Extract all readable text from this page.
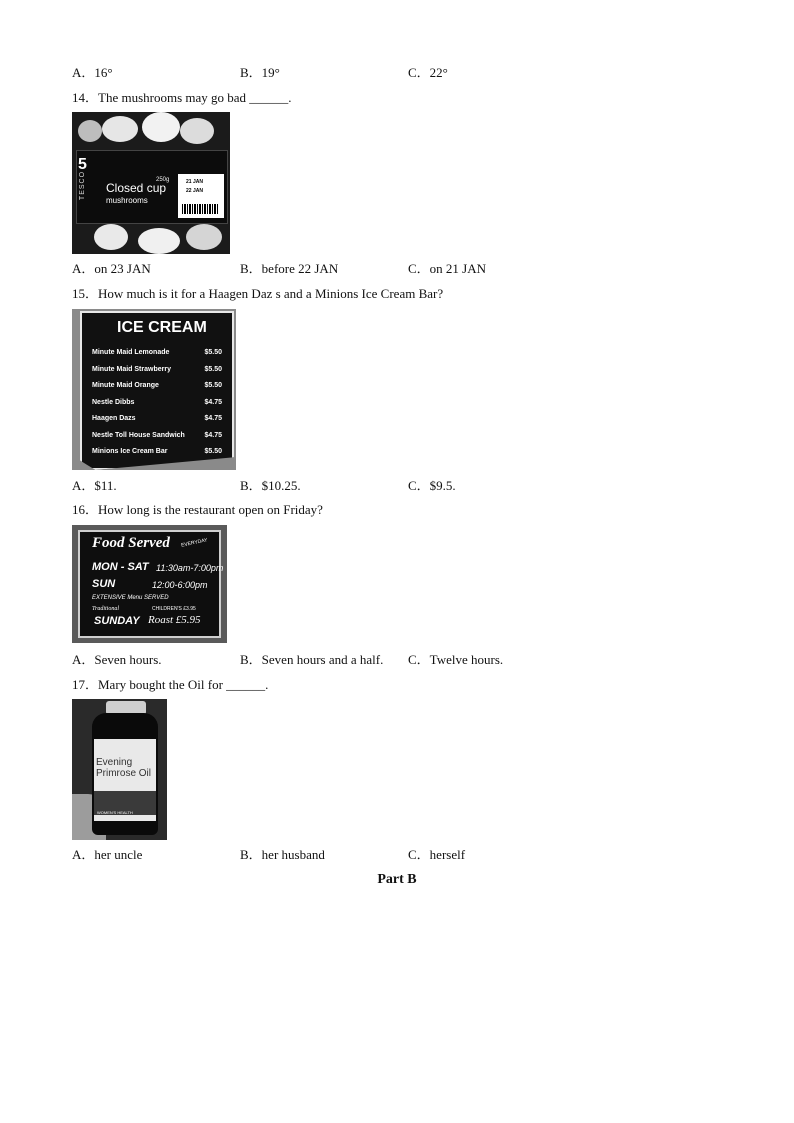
A．16°	B．19°	C．22°
14．The mushrooms may go bad ______.
5
TESCO Closed cup
mushrooms
250g	21 JAN
22 JAN
A．on 23 JAN	B．before 22 JAN	C．on 21 JAN
15．How much is it for a Haagen Daz s and a Minions Ice Cream Bar?
ICE CREAM
Minute Maid Lemonade	$5.50
Minute Maid Strawberry	$5.50
Minute Maid Orange	$5.50
Nestle Dibbs	$4.75
Haagen Dazs	$4.75
Nestle Toll House Sandwich	$4.75
Minions Ice Cream Bar	$5.50
A．$11.	B．$10.25.	C．$9.5.
16．How long is the restaurant open on Friday?
Food Served EVERYDAY
MON - SAT 11:30am-7:00pm
SUN	12:00-6:00pm
EXTENSIVE Menu SERVED
Traditional	CHILDREN'S £3.95
SUNDAY Roast £5.95
A．Seven hours.	B．Seven hours and a half. C．Twelve hours.
17．Mary bought the Oil for ______.
Evening
Primrose Oil
WOMEN'S HEALTH
A．her uncle	B．her husband	C．herself
Part B
